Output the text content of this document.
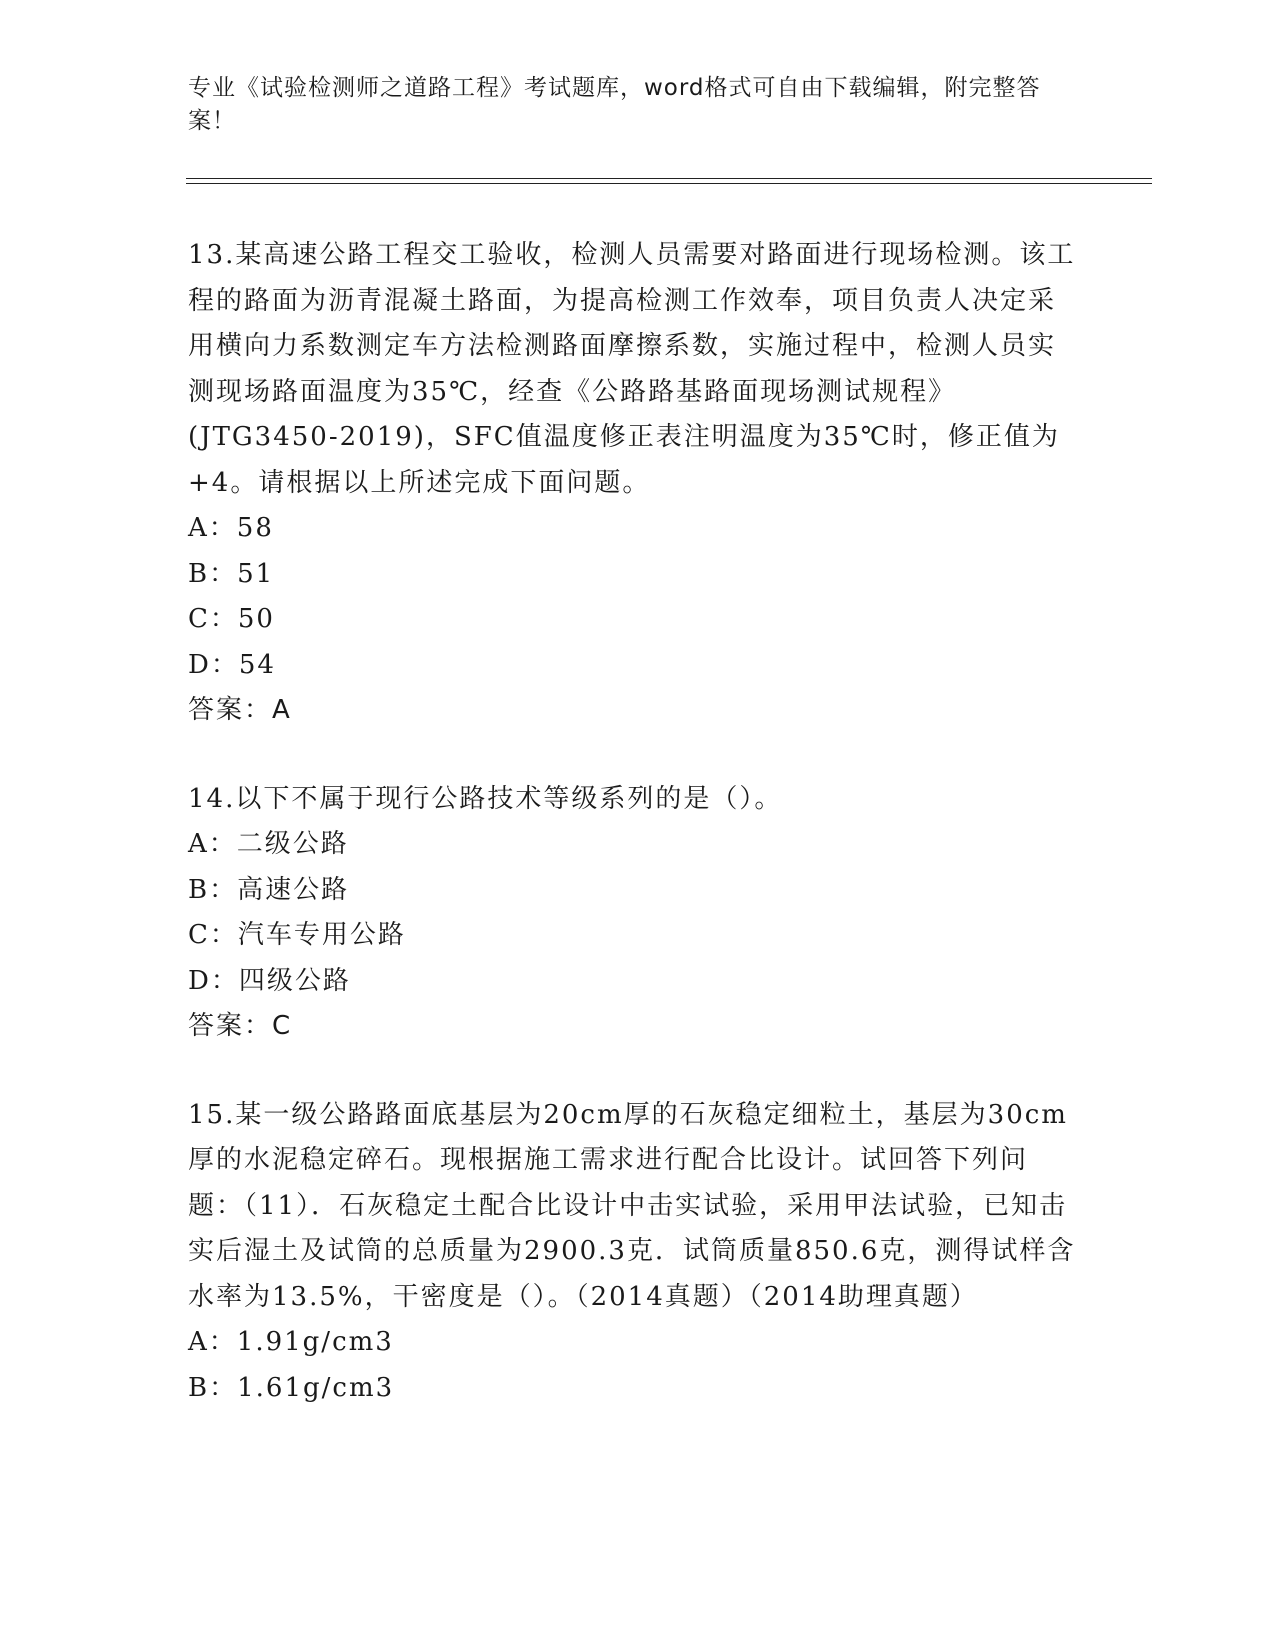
专业《试验检测师之道路工程》考试题库，word格式可自由下载编辑，附完整答案！

13.某高速公路工程交工验收，检测人员需要对路面进行现场检测。该工程的路面为沥青混凝土路面，为提高检测工作效奉，项目负责人决定采用横向力系数测定车方法检测路面摩擦系数，实施过程中，检测人员实测现场路面温度为35℃，经查《公路路基路面现场测试规程》(JTG3450-2019)，SFC值温度修正表注明温度为35℃时，修正值为+4。请根据以上所述完成下面问题。

A：58

B：51

C：50

D：54

答案：A

14.以下不属于现行公路技术等级系列的是（）。

A：二级公路

B：高速公路

C：汽车专用公路

D：四级公路

答案：C

15.某一级公路路面底基层为20cm厚的石灰稳定细粒土，基层为30cm厚的水泥稳定碎石。现根据施工需求进行配合比设计。试回答下列问题：（11）．石灰稳定土配合比设计中击实试验，采用甲法试验，已知击实后湿土及试筒的总质量为2900.3克．试筒质量850.6克，测得试样含水率为13.5%，干密度是（）。（2014真题）（2014助理真题）

A：1.91g/cm3

B：1.61g/cm3
